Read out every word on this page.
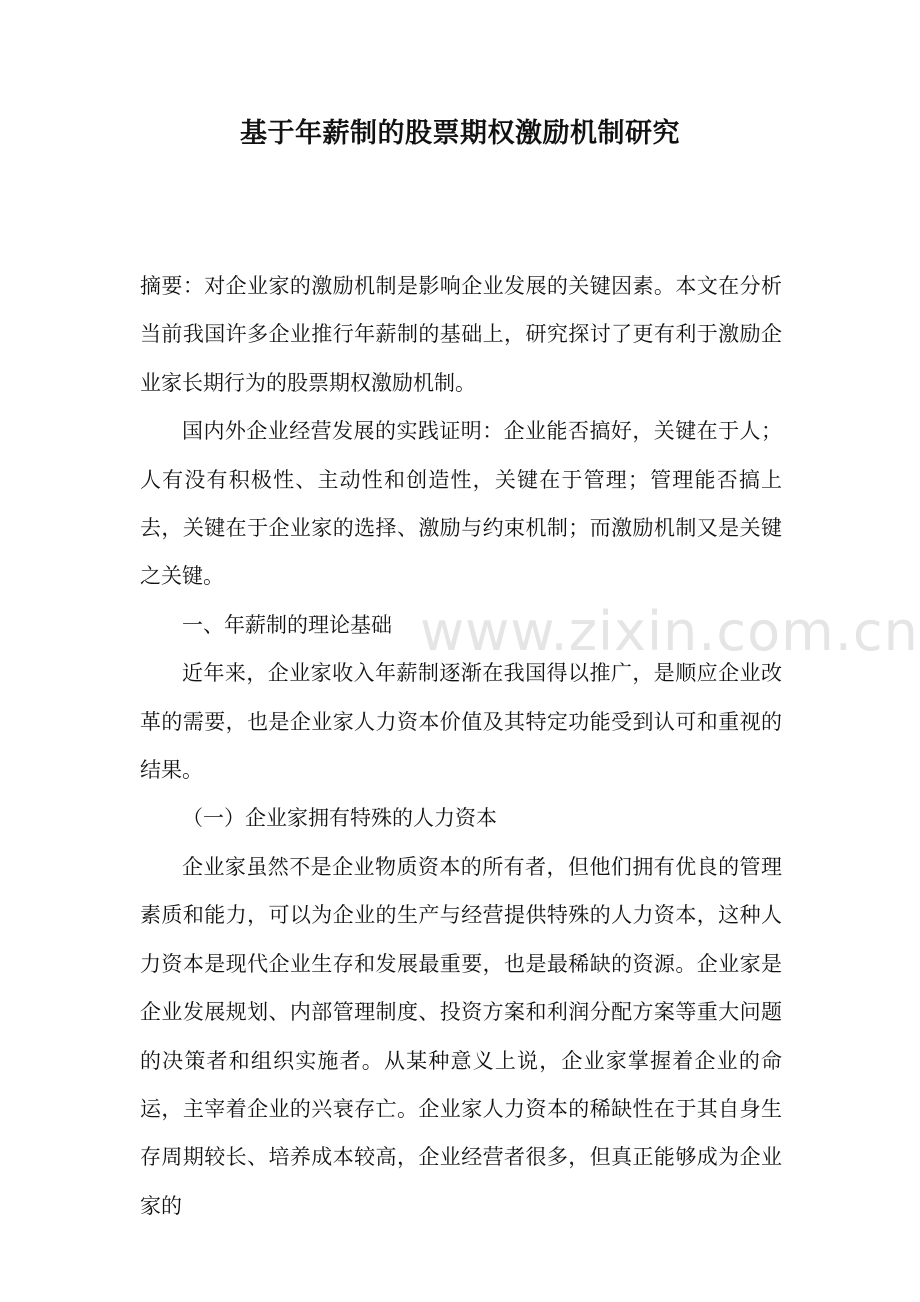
基于年薪制的股票期权激励机制研究

摘要：对企业家的激励机制是影响企业发展的关键因素。本文在分析当前我国许多企业推行年薪制的基础上，研究探讨了更有利于激励企业家长期行为的股票期权激励机制。

国内外企业经营发展的实践证明：企业能否搞好，关键在于人；人有没有积极性、主动性和创造性，关键在于管理；管理能否搞上去，关键在于企业家的选择、激励与约束机制；而激励机制又是关键之关键。

一、年薪制的理论基础

近年来，企业家收入年薪制逐渐在我国得以推广，是顺应企业改革的需要，也是企业家人力资本价值及其特定功能受到认可和重视的结果。

（一）企业家拥有特殊的人力资本

企业家虽然不是企业物质资本的所有者，但他们拥有优良的管理素质和能力，可以为企业的生产与经营提供特殊的人力资本，这种人力资本是现代企业生存和发展最重要，也是最稀缺的资源。企业家是企业发展规划、内部管理制度、投资方案和利润分配方案等重大问题的决策者和组织实施者。从某种意义上说，企业家掌握着企业的命运，主宰着企业的兴衰存亡。企业家人力资本的稀缺性在于其自身生存周期较长、培养成本较高，企业经营者很多，但真正能够成为企业家的

www.zixin.com.cn
